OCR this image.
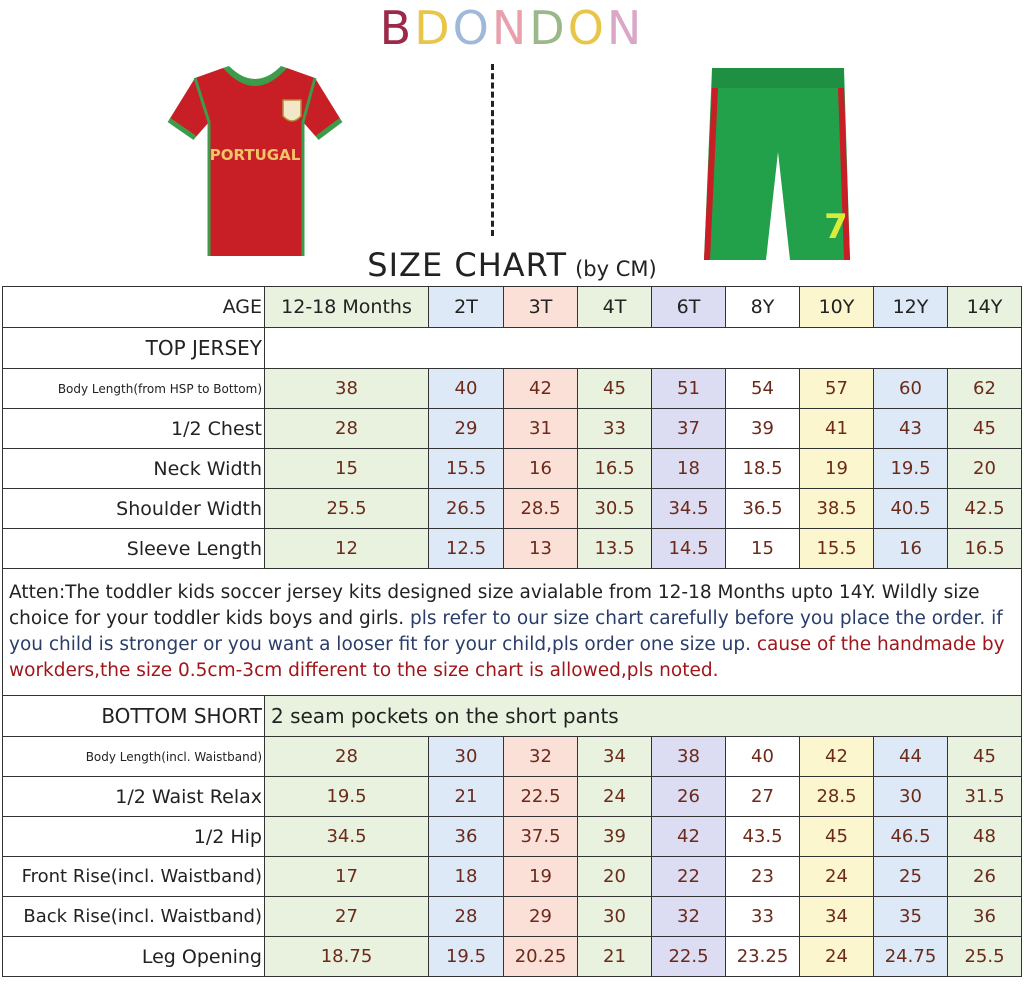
BDONDON
PORTUGAL
7
SIZE CHART (by CM)
AGE	12-18 Months	2T	3T	4T	6T	8Y	10Y	12Y	14Y
TOP JERSEY									
Body Length(from HSP to Bottom)	38	40	42	45	51	54	57	60	62
1/2 Chest	28	29	31	33	37	39	41	43	45
Neck Width	15	15.5	16	16.5	18	18.5	19	19.5	20
Shoulder Width	25.5	26.5	28.5	30.5	34.5	36.5	38.5	40.5	42.5
Sleeve Length	12	12.5	13	13.5	14.5	15	15.5	16	16.5
Atten:The toddler kids soccer jersey kits designed size avialable from 12-18 Months upto 14Y. Wildly size choice for your toddler kids boys and girls. pls refer to our size chart carefully before you place the order. if you child is stronger or you want a looser fit for your child,pls order one size up. cause of the handmade by workders,the size 0.5cm-3cm different to the size chart is allowed,pls noted.									
BOTTOM SHORT	2 seam pockets on the short pants								
Body Length(incl. Waistband)	28	30	32	34	38	40	42	44	45
1/2 Waist Relax	19.5	21	22.5	24	26	27	28.5	30	31.5
1/2 Hip	34.5	36	37.5	39	42	43.5	45	46.5	48
Front Rise(incl. Waistband)	17	18	19	20	22	23	24	25	26
Back Rise(incl. Waistband)	27	28	29	30	32	33	34	35	36
Leg Opening	18.75	19.5	20.25	21	22.5	23.25	24	24.75	25.5
